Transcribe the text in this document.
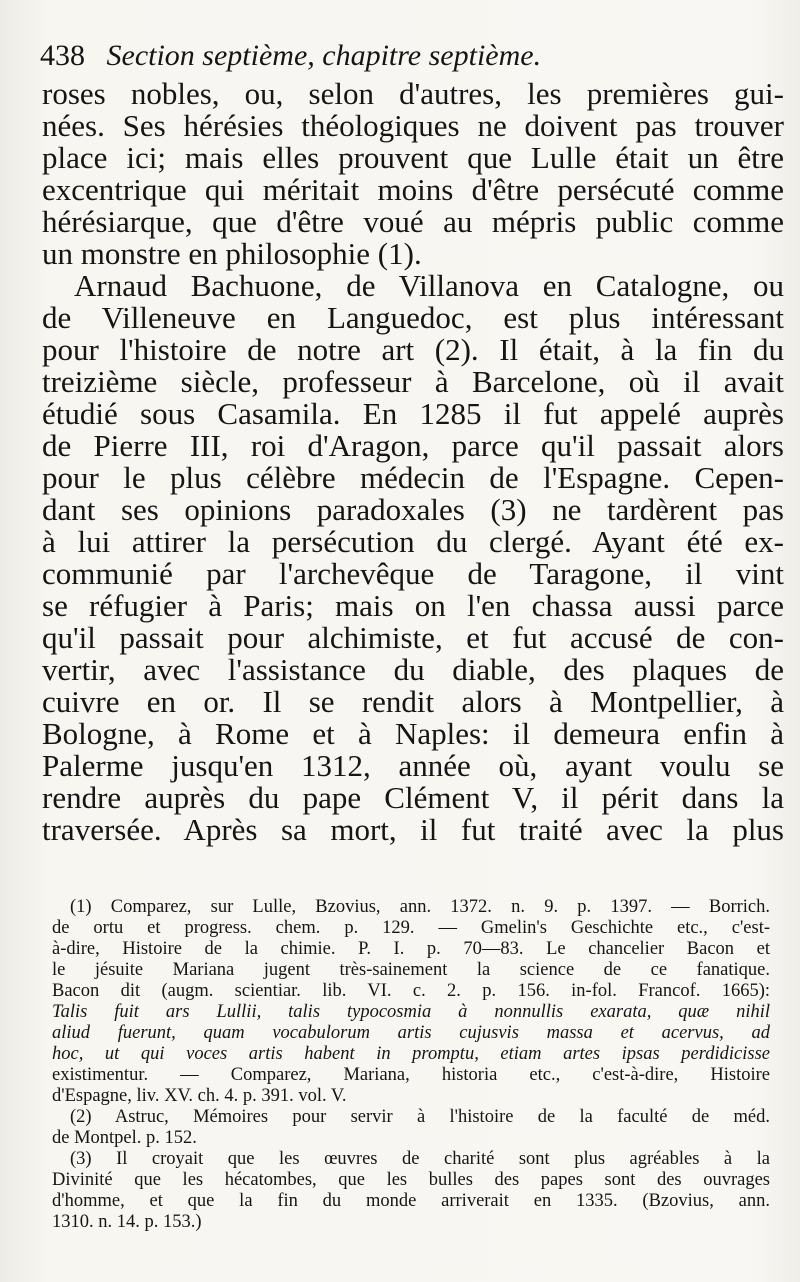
438 Section septième, chapitre septième.
roses nobles, ou, selon d'autres, les premières gui-
nées. Ses hérésies théologiques ne doivent pas trouver
place ici; mais elles prouvent que Lulle était un être
excentrique qui méritait moins d'être persécuté comme
hérésiarque, que d'être voué au mépris public comme
un monstre en philosophie (1).
Arnaud Bachuone, de Villanova en Catalogne, ou
de Villeneuve en Languedoc, est plus intéressant
pour l'histoire de notre art (2). Il était, à la fin du
treizième siècle, professeur à Barcelone, où il avait
étudié sous Casamila. En 1285 il fut appelé auprès
de Pierre III, roi d'Aragon, parce qu'il passait alors
pour le plus célèbre médecin de l'Espagne. Cepen-
dant ses opinions paradoxales (3) ne tardèrent pas
à lui attirer la persécution du clergé. Ayant été ex-
communié par l'archevêque de Taragone, il vint
se réfugier à Paris; mais on l'en chassa aussi parce
qu'il passait pour alchimiste, et fut accusé de con-
vertir, avec l'assistance du diable, des plaques de
cuivre en or. Il se rendit alors à Montpellier, à
Bologne, à Rome et à Naples: il demeura enfin à
Palerme jusqu'en 1312, année où, ayant voulu se
rendre auprès du pape Clément V, il périt dans la
traversée. Après sa mort, il fut traité avec la plus
(1) Comparez, sur Lulle, Bzovius, ann. 1372. n. 9. p. 1397. — Borrich.
de ortu et progress. chem. p. 129. — Gmelin's Geschichte etc., c'est-
à-dire, Histoire de la chimie. P. I. p. 70—83. Le chancelier Bacon et
le jésuite Mariana jugent très-sainement la science de ce fanatique.
Bacon dit (augm. scientiar. lib. VI. c. 2. p. 156. in-fol. Francof. 1665):
Talis fuit ars Lullii, talis typocosmia à nonnullis exarata, quæ nihil
aliud fuerunt, quam vocabulorum artis cujusvis massa et acervus, ad
hoc, ut qui voces artis habent in promptu, etiam artes ipsas perdidicisse
existimentur. — Comparez, Mariana, historia etc., c'est-à-dire, Histoire
d'Espagne, liv. XV. ch. 4. p. 391. vol. V.
(2) Astruc, Mémoires pour servir à l'histoire de la faculté de méd.
de Montpel. p. 152.
(3) Il croyait que les œuvres de charité sont plus agréables à la
Divinité que les hécatombes, que les bulles des papes sont des ouvrages
d'homme, et que la fin du monde arriverait en 1335. (Bzovius, ann.
1310. n. 14. p. 153.)
